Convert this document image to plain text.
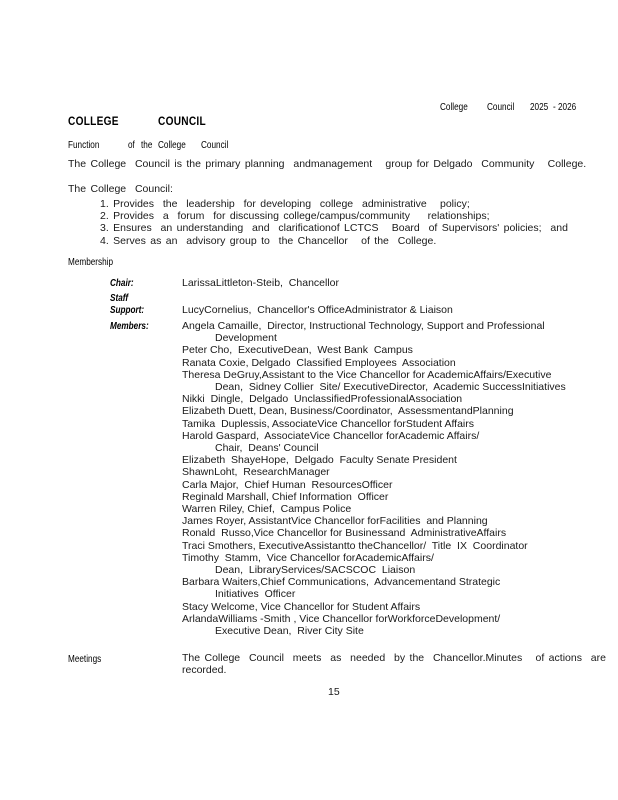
College Council 2025 - 2026
COLLEGE	COUNCIL
Function	of the College Council
The College  Council is the primary planning  andmanagement   group for Delgado  Community   College.
The College  Council:
1. Provides  the  leadership  for developing  college  administrative   policy;
2. Provides  a  forum  for discussing college/campus/community    relationships;
3. Ensures  an understanding  and  clarificationof LCTCS   Board  of Supervisors' policies;  and
4. Serves as an  advisory group to  the Chancellor   of the  College.
Membership
Chair:	LarissaLittleton-Steib,  Chancellor
Staff
Support:	LucyCornelius,  Chancellor's OfficeAdministrator & Liaison
Members:	Angela Camaille,  Director, Instructional Technology, Support and Professional
Development
Peter Cho,  ExecutiveDean,  West Bank  Campus
Ranata Coxie, Delgado  Classified Employees  Association
Theresa DeGruy,Assistant to the Vice Chancellor for AcademicAffairs/Executive
Dean,  Sidney Collier  Site/ ExecutiveDirector,  Academic SuccessInitiatives
Nikki  Dingle,  Delgado  UnclassifiedProfessionalAssociation
Elizabeth Duett, Dean, Business/Coordinator,  AssessmentandPlanning
Tamika  Duplessis, AssociateVice Chancellor forStudent Affairs
Harold Gaspard,  AssociateVice Chancellor forAcademic Affairs/
Chair,  Deans' Council
Elizabeth  ShayeHope,  Delgado  Faculty Senate President
ShawnLoht,  ResearchManager
Carla Major,  Chief Human  ResourcesOfficer
Reginald Marshall, Chief Information  Officer
Warren Riley, Chief,  Campus Police
James Royer, AssistantVice Chancellor forFacilities  and Planning
Ronald  Russo,Vice Chancellor for Businessand  AdministrativeAffairs
Traci Smothers, ExecutiveAssistantto theChancellor/  Title  IX  Coordinator
Timothy  Stamm,  Vice Chancellor forAcademicAffairs/
Dean,  LibraryServices/SACSCOC  Liaison
Barbara Waiters,Chief Communications,  Advancementand Strategic
Initiatives  Officer
Stacy Welcome, Vice Chancellor for Student Affairs
ArlandaWilliams -Smith , Vice Chancellor forWorkforceDevelopment/
Executive Dean,  River City Site
Meetings	The College  Council  meets  as  needed  by the  Chancellor.Minutes   of actions  are
recorded.
15
